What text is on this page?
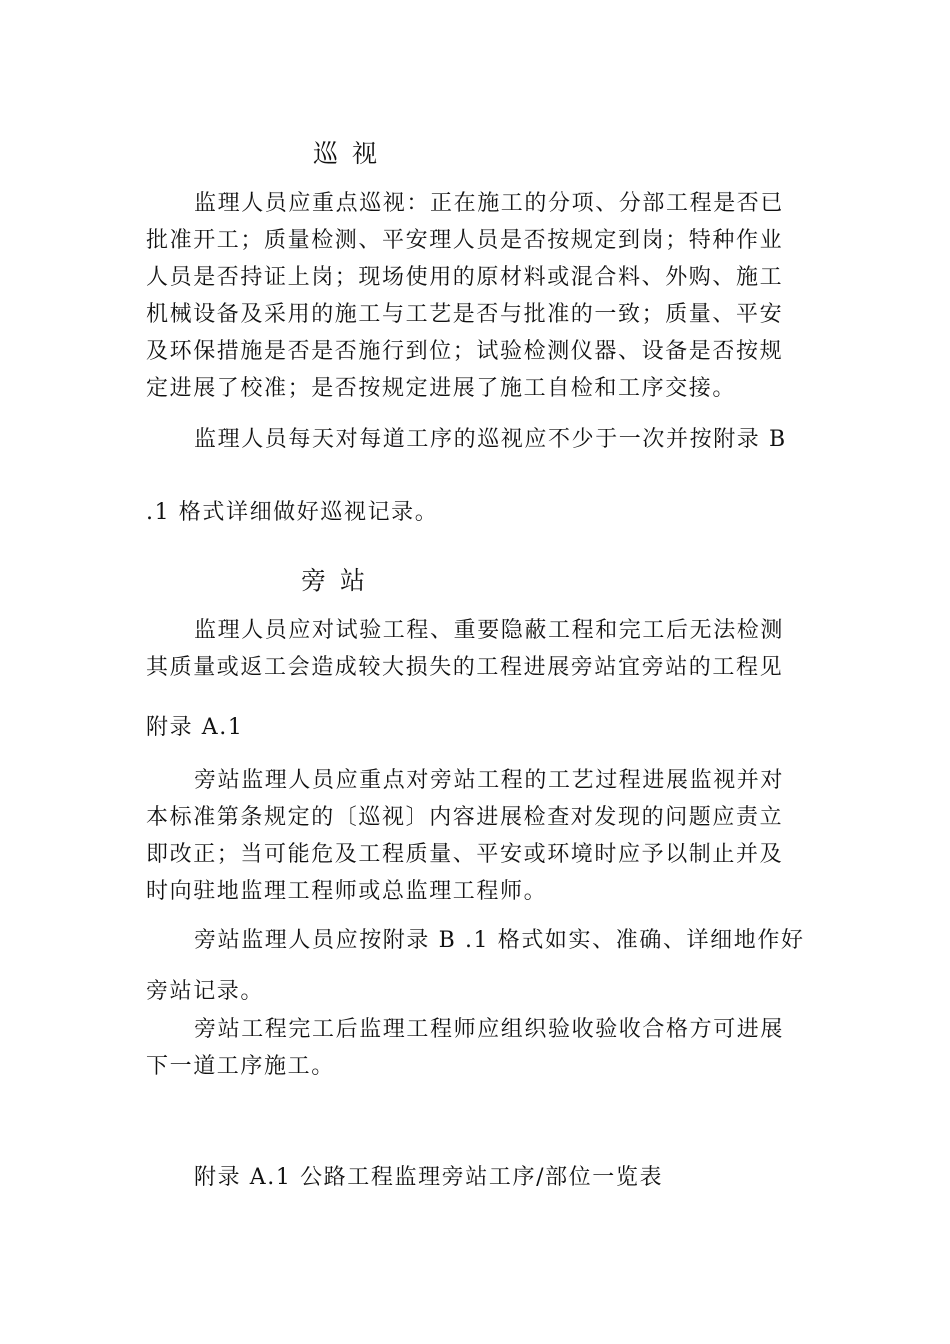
巡视

监理人员应重点巡视：正在施工的分项、分部工程是否已批准开工；质量检测、平安理人员是否按规定到岗；特种作业人员是否持证上岗；现场使用的原材料或混合料、外购、施工机械设备及采用的施工与工艺是否与批准的一致；质量、平安及环保措施是否是否施行到位；试验检测仪器、设备是否按规定进展了校准；是否按规定进展了施工自检和工序交接。

监理人员每天对每道工序的巡视应不少于一次并按附录 B

.1 格式详细做好巡视记录。

旁站

监理人员应对试验工程、重要隐蔽工程和完工后无法检测其质量或返工会造成较大损失的工程进展旁站宜旁站的工程见

附录 A.1

旁站监理人员应重点对旁站工程的工艺过程进展监视并对本标准第条规定的〔巡视〕内容进展检查对发现的问题应责立即改正；当可能危及工程质量、平安或环境时应予以制止并及时向驻地监理工程师或总监理工程师。

旁站监理人员应按附录 B .1 格式如实、准确、详细地作好

旁站记录。

旁站工程完工后监理工程师应组织验收验收合格方可进展下一道工序施工。

附录 A.1 公路工程监理旁站工序/部位一览表
